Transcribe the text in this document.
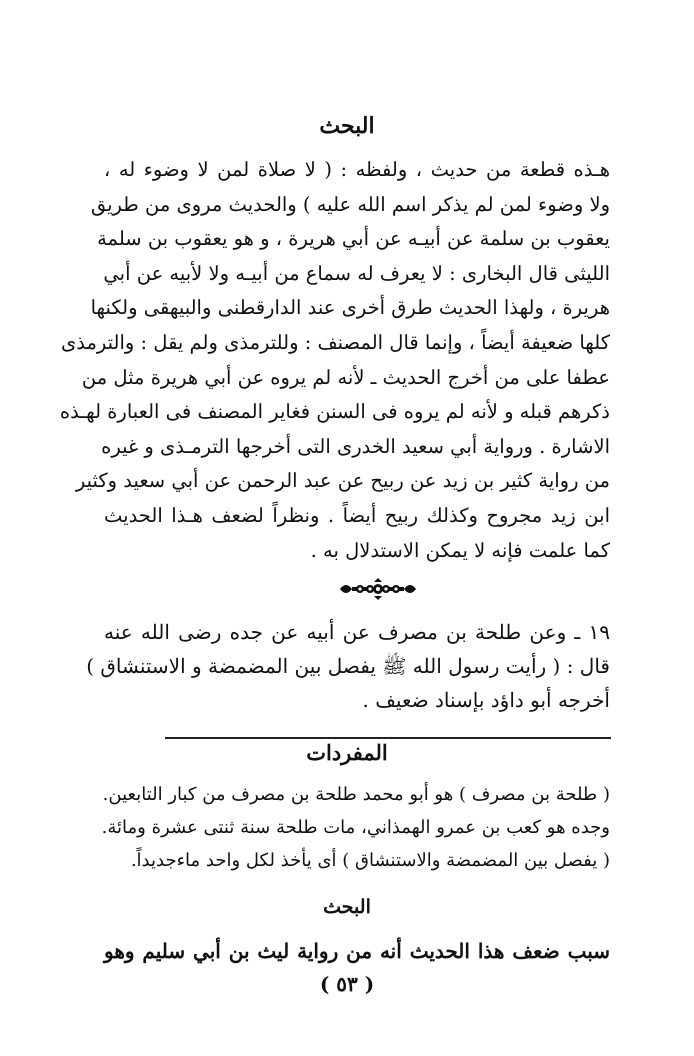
البحث
هـذه قطعة من حديث ، ولفظه : ( لا صلاة لمن لا وضوء له ،
ولا وضوء لمن لم يذكر اسم الله عليه ) والحديث مروى من طريق
يعقوب بن سلمة عن أبيـه عن أبي هريرة ، و هو يعقوب بن سلمة
الليثى قال البخارى : لا يعرف له سماع من أبيـه ولا لأبيه عن أبي
هريرة ، ولهذا الحديث طرق أخرى عند الدارقطنى والبيهقى ولكنها
كلها ضعيفة أيضاً ، وإنما قال المصنف : وللترمذى ولم يقل : والترمذى
عطفا على من أخرج الحديث ـ لأنه لم يروه عن أبي هريرة مثل من
ذكرهم قبله و لأنه لم يروه فى السنن فغاير المصنف فى العبارة لهـذه
الاشارة . ورواية أبي سعيد الخدرى التى أخرجها الترمـذى و غيره
من رواية كثير بن زيد عن ربيح عن عبد الرحمن عن أبي سعيد وكثير
ابن زيد مجروح وكذلك ربيح أيضاً . ونظراً لضعف هـذا الحديث
كما علمت فإنه لا يمكن الاستدلال به .
١٩ ـ وعن طلحة بن مصرف عن أبيه عن جده رضى الله عنه
قال : ( رأيت رسول الله ﷺ يفصل بين المضمضة و الاستنشاق )
أخرجه أبو داؤد بإسناد ضعيف .
المفردات
( طلحة بن مصرف ) هو أبو محمد طلحة بن مصرف من كبار التابعين.
وجده هو كعب بن عمرو الهمذاني، مات طلحة سنة ثنتى عشرة ومائة.
( يفصل بين المضمضة والاستنشاق ) أى يأخذ لكل واحد ماءجديداً.
البحث
سبب ضعف هذا الحديث أنه من رواية ليث بن أبي سليم وهو
( ٥٣ )
